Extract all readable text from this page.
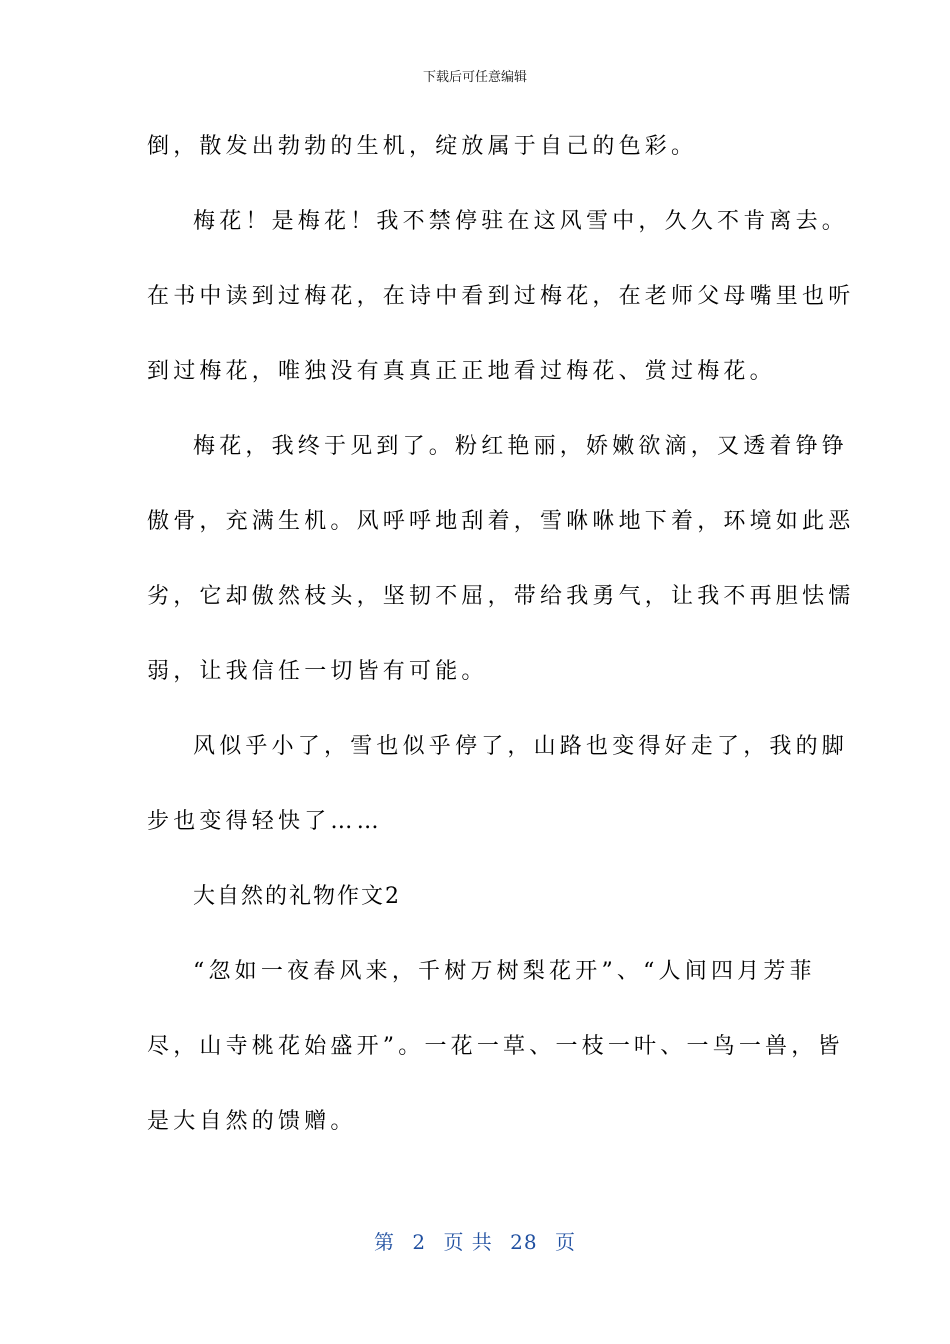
下载后可任意编辑
倒，散发出勃勃的生机，绽放属于自己的色彩。
梅花！是梅花！我不禁停驻在这风雪中，久久不肯离去。
在书中读到过梅花，在诗中看到过梅花，在老师父母嘴里也听
到过梅花，唯独没有真真正正地看过梅花、赏过梅花。
梅花，我终于见到了。粉红艳丽，娇嫩欲滴，又透着铮铮
傲骨，充满生机。风呼呼地刮着，雪咻咻地下着，环境如此恶
劣，它却傲然枝头，坚韧不屈，带给我勇气，让我不再胆怯懦
弱，让我信任一切皆有可能。
风似乎小了，雪也似乎停了，山路也变得好走了，我的脚
步也变得轻快了……
大自然的礼物作文2
“忽如一夜春风来，千树万树梨花开”、“人间四月芳菲
尽，山寺桃花始盛开”。一花一草、一枝一叶、一鸟一兽，皆
是大自然的馈赠。
第 2 页 共 28 页
